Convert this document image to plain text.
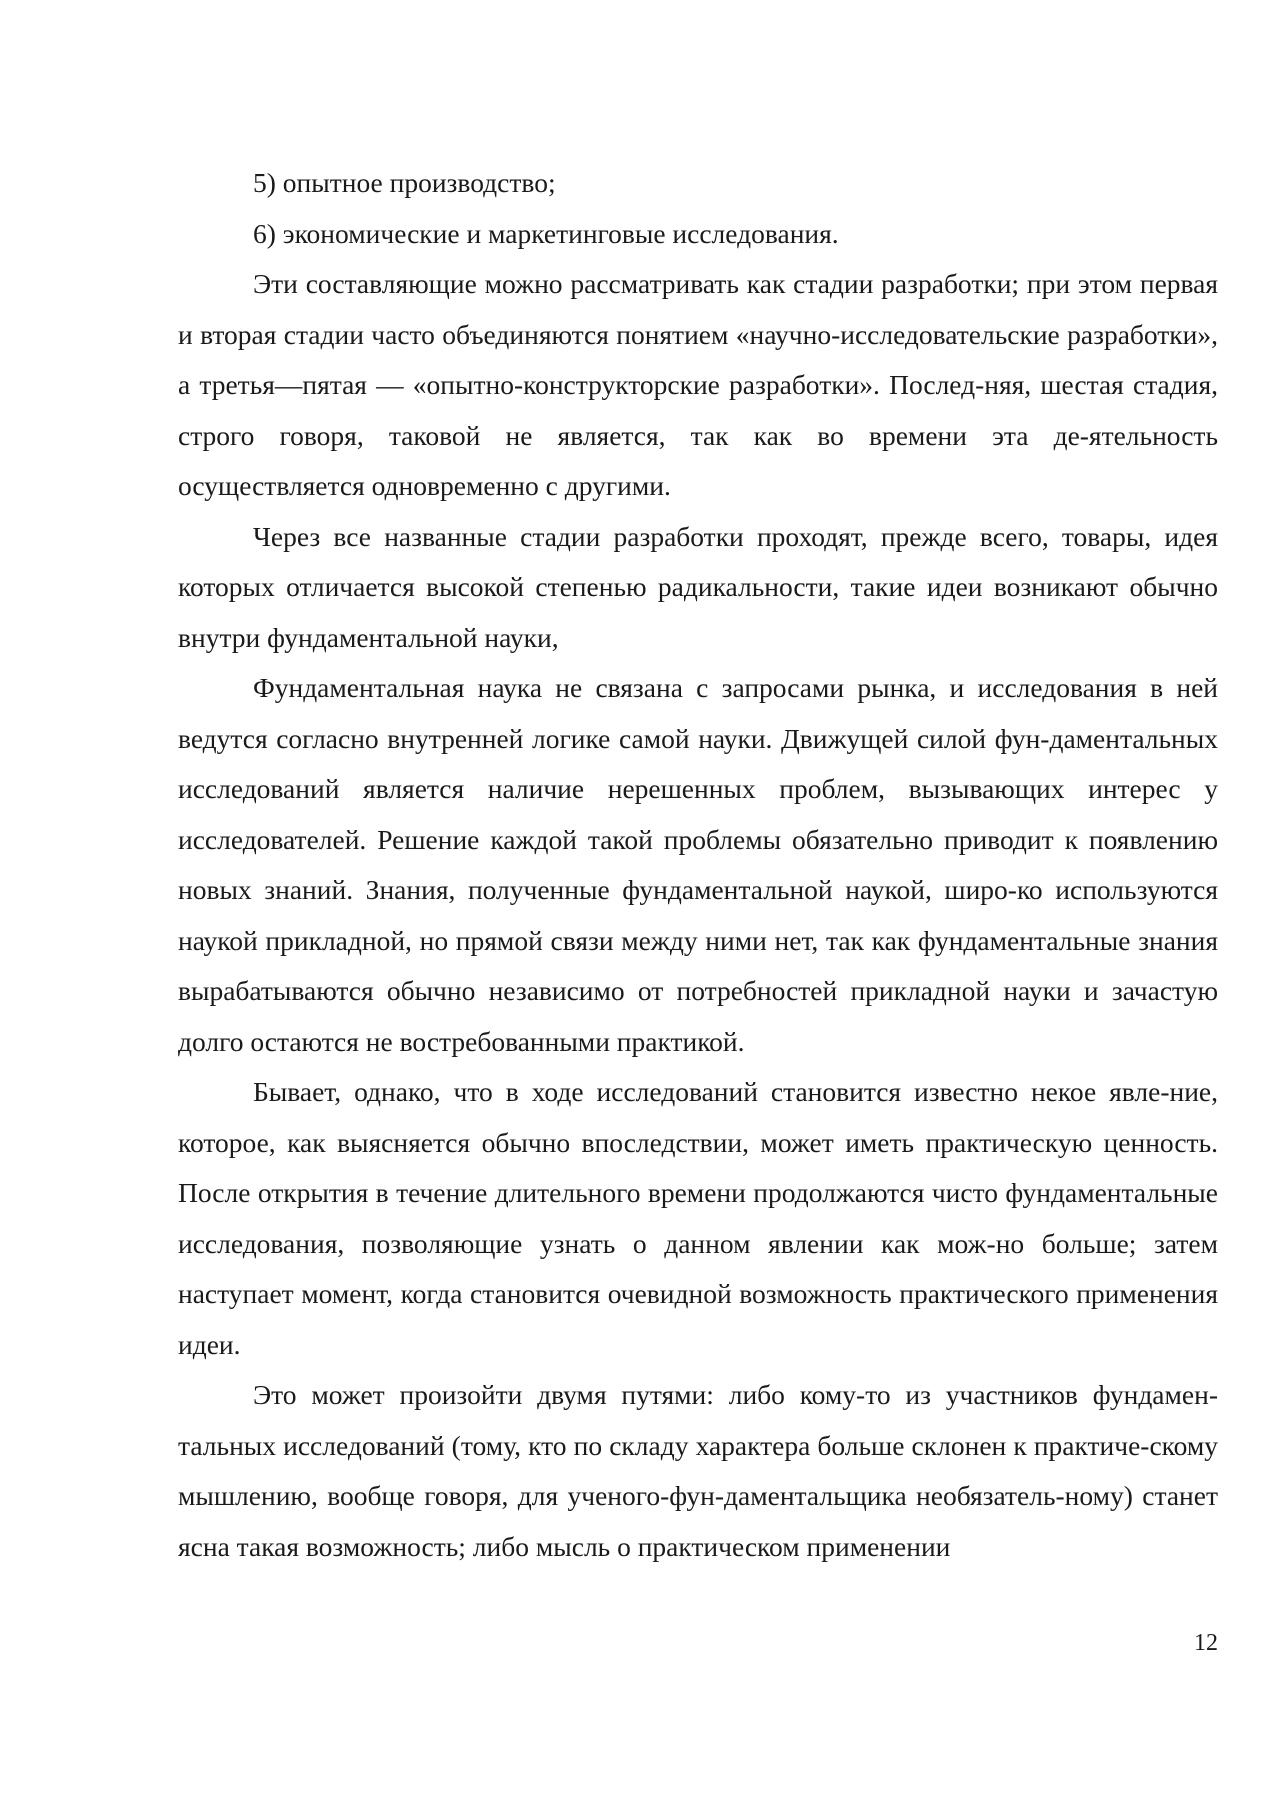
5) опытное производство;

6) экономические и маркетинговые исследования.

Эти составляющие можно рассматривать как стадии разработки; при этом первая и вторая стадии часто объединяются понятием «научно-исследовательские разработки», а третья—пятая — «опытно-конструкторские разработки». Послед-няя, шестая стадия, строго говоря, таковой не является, так как во времени эта де-ятельность осуществляется одновременно с другими.

Через все названные стадии разработки проходят, прежде всего, товары, идея которых отличается высокой степенью радикальности, такие идеи возникают обычно внутри фундаментальной науки,

Фундаментальная наука не связана с запросами рынка, и исследования в ней ведутся согласно внутренней логике самой науки. Движущей силой фун-даментальных исследований является наличие нерешенных проблем, вызывающих интерес у исследователей. Решение каждой такой проблемы обязательно приводит к появлению новых знаний. Знания, полученные фундаментальной наукой, широ-ко используются наукой прикладной, но прямой связи между ними нет, так как фундаментальные знания вырабатываются обычно независимо от потребностей прикладной науки и зачастую долго остаются не востребованными практикой.

Бывает, однако, что в ходе исследований становится известно некое явле-ние, которое, как выясняется обычно впоследствии, может иметь практическую ценность. После открытия в течение длительного времени продолжаются чисто фундаментальные исследования, позволяющие узнать о данном явлении как мож-но больше; затем наступает момент, когда становится очевидной возможность практического применения идеи.

Это может произойти двумя путями: либо кому-то из участников фундамен-тальных исследований (тому, кто по складу характера больше склонен к практиче-скому мышлению, вообще говоря, для ученого-фун-даментальщика необязатель-ному) станет ясна такая возможность; либо мысль о практическом применении

12
